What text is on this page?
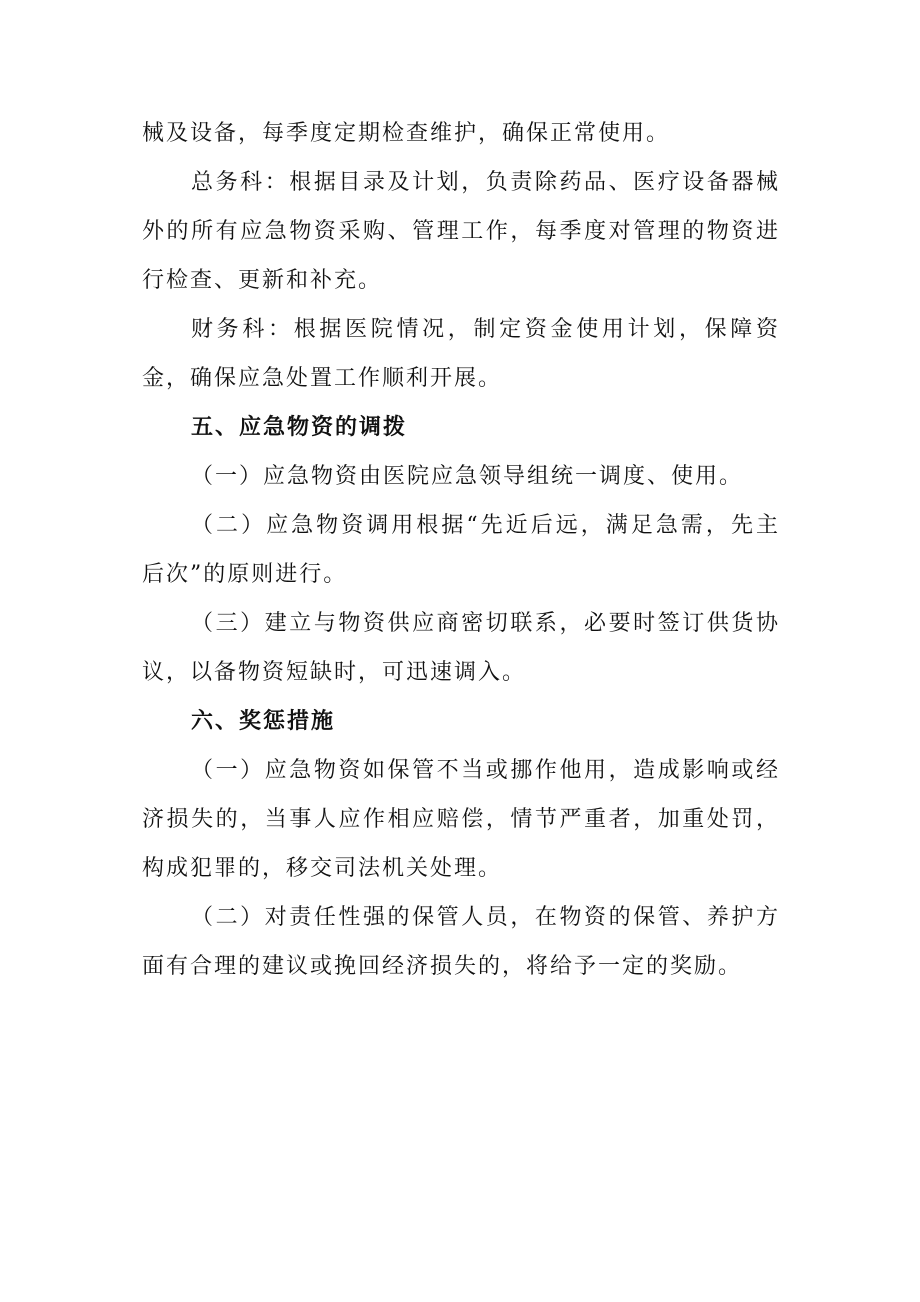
械及设备，每季度定期检查维护，确保正常使用。

总务科：根据目录及计划，负责除药品、医疗设备器械外的所有应急物资采购、管理工作，每季度对管理的物资进行检查、更新和补充。

财务科：根据医院情况，制定资金使用计划，保障资金，确保应急处置工作顺利开展。

五、应急物资的调拨

（一）应急物资由医院应急领导组统一调度、使用。

（二）应急物资调用根据“先近后远，满足急需，先主后次”的原则进行。

（三）建立与物资供应商密切联系，必要时签订供货协议，以备物资短缺时，可迅速调入。

六、奖惩措施

（一）应急物资如保管不当或挪作他用，造成影响或经济损失的，当事人应作相应赔偿，情节严重者，加重处罚，构成犯罪的，移交司法机关处理。

（二）对责任性强的保管人员，在物资的保管、养护方面有合理的建议或挽回经济损失的，将给予一定的奖励。
